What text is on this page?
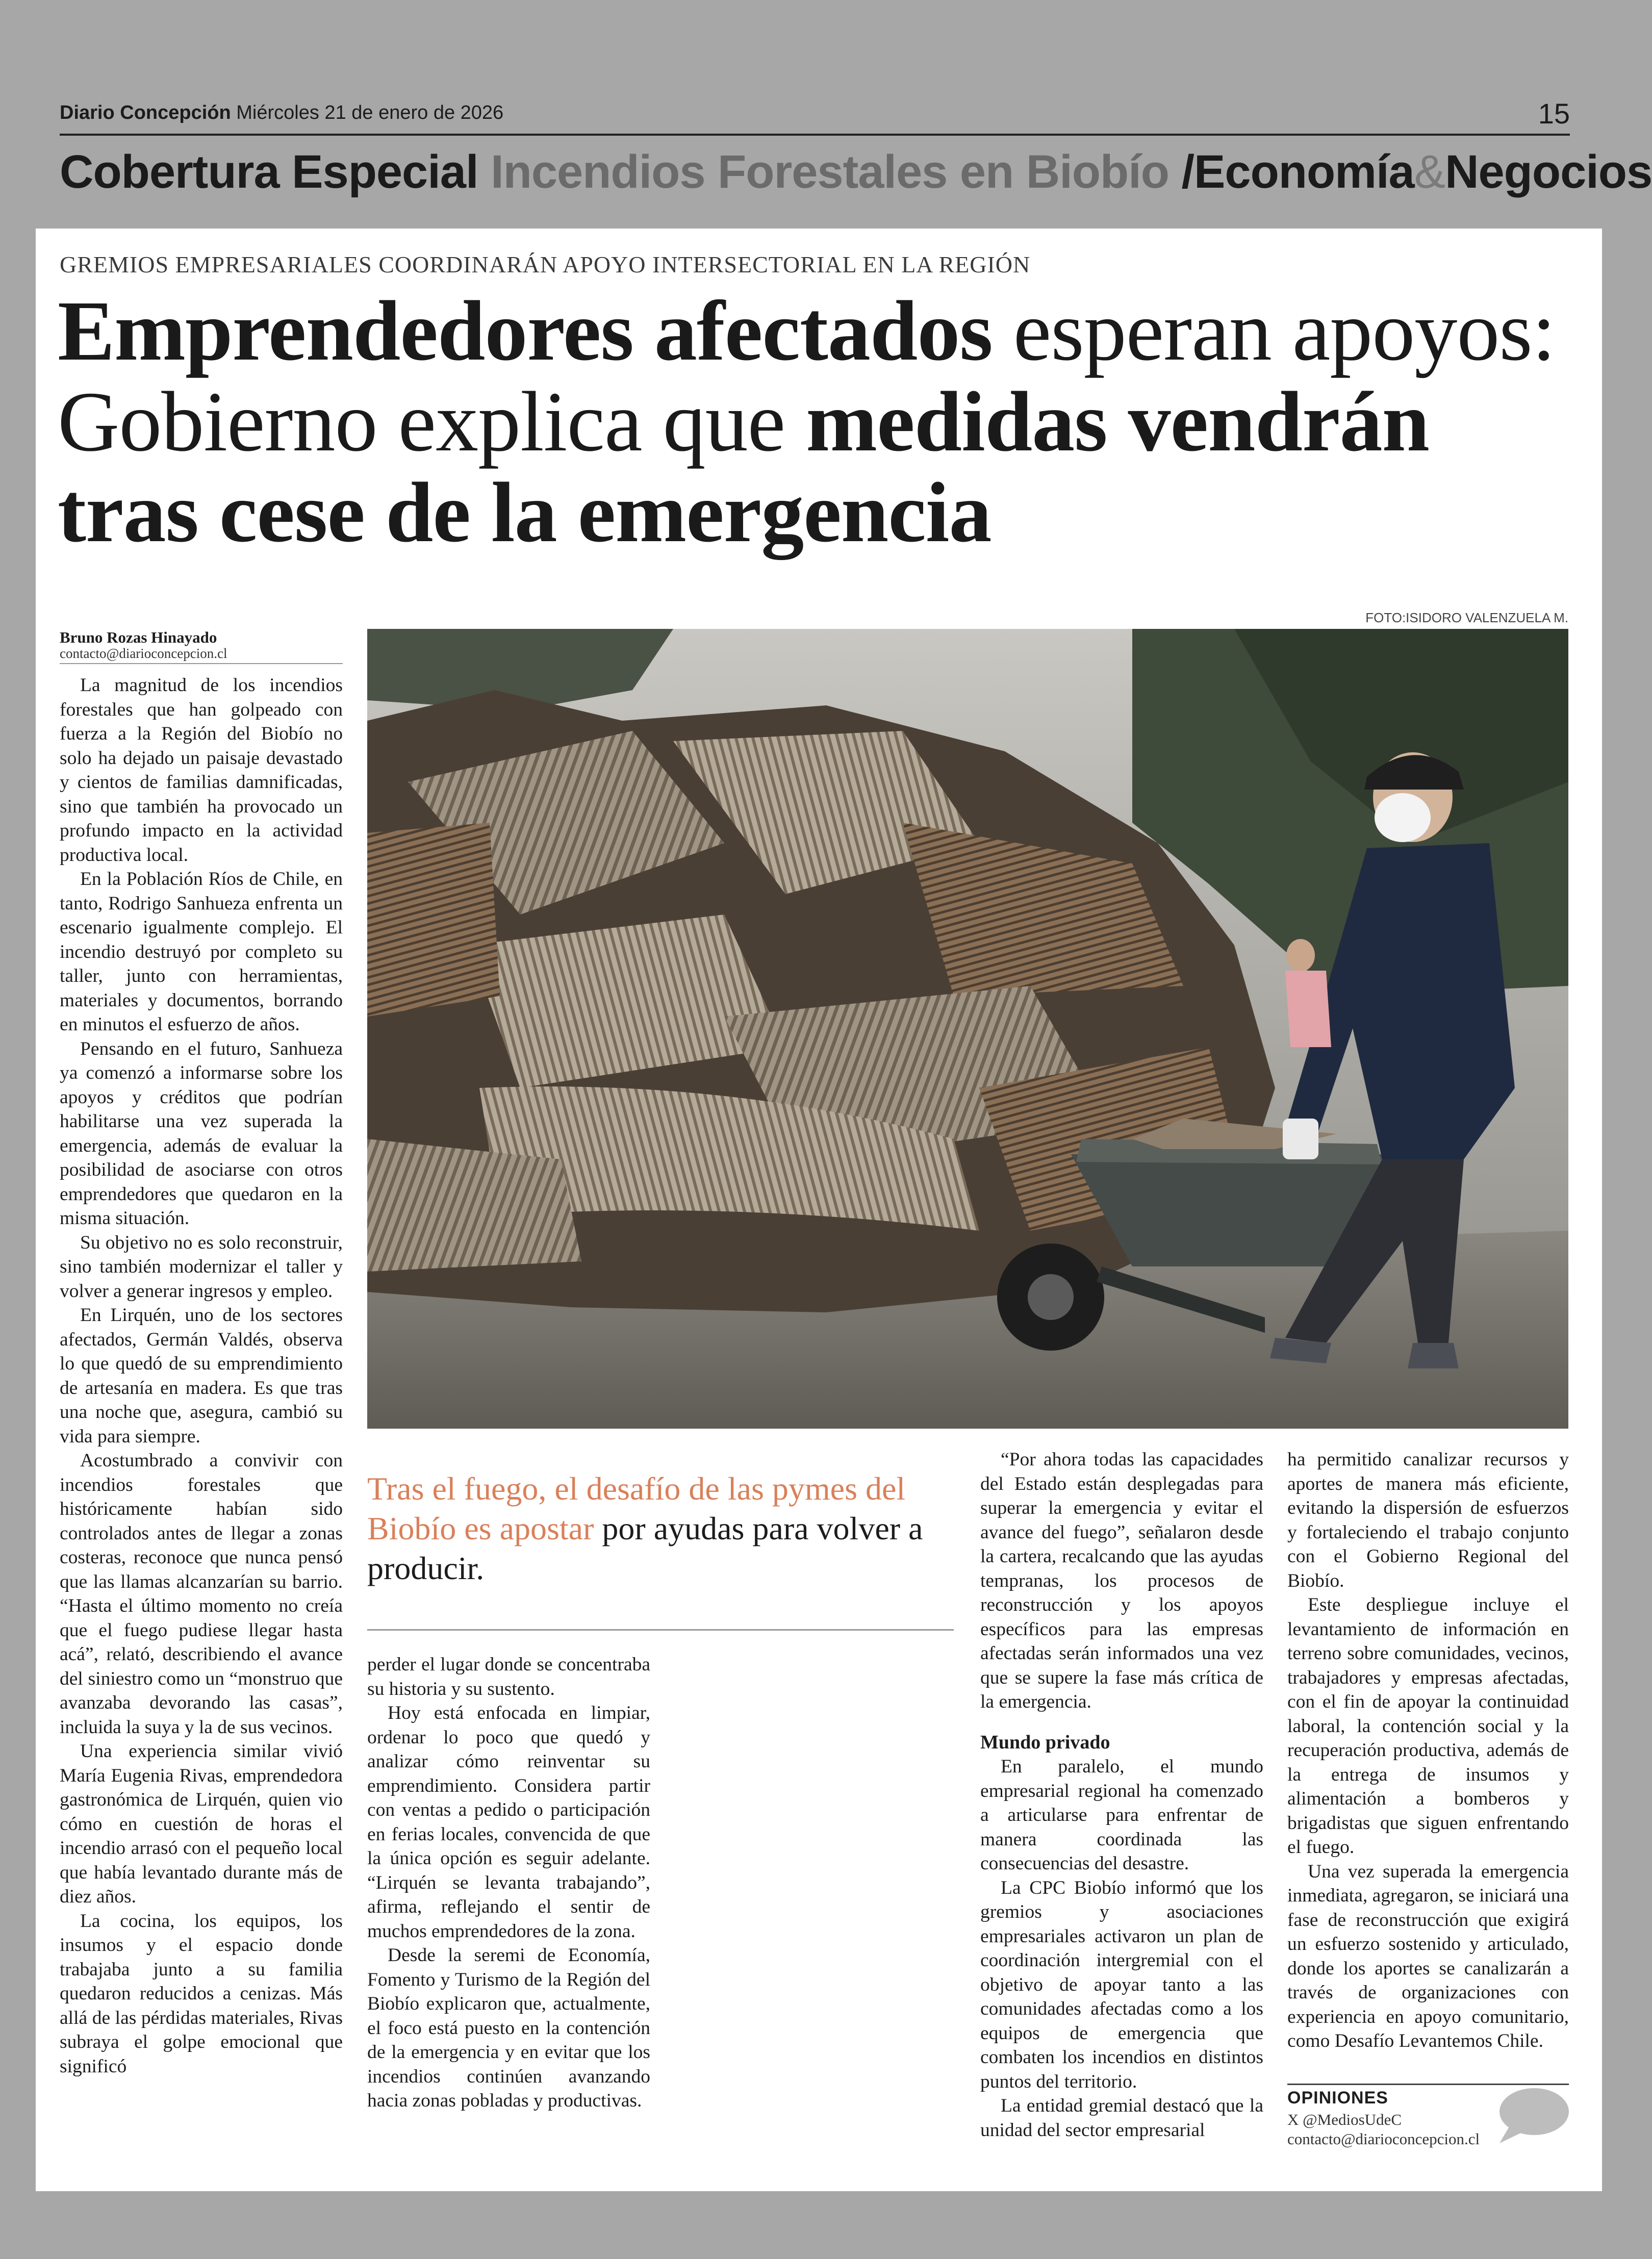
Diario Concepción Miércoles 21 de enero de 2026	15
Cobertura Especial Incendios Forestales en Biobío /Economía&Negocios
GREMIOS EMPRESARIALES COORDINARÁN APOYO INTERSECTORIAL EN LA REGIÓN
Emprendedores afectados esperan apoyos: Gobierno explica que medidas vendrán tras cese de la emergencia
FOTO:ISIDORO VALENZUELA M.
Bruno Rozas Hinayado
contacto@diarioconcepcion.cl

La magnitud de los incendios forestales que han golpeado con fuerza a la Región del Biobío no solo ha dejado un paisaje devastado y cientos de familias damnificadas, sino que también ha provocado un profundo impacto en la actividad productiva local.

En la Población Ríos de Chile, en tanto, Rodrigo Sanhueza enfrenta un escenario igualmente complejo. El incendio destruyó por completo su taller, junto con herramientas, materiales y documentos, borrando en minutos el esfuerzo de años.

Pensando en el futuro, Sanhueza ya comenzó a informarse sobre los apoyos y créditos que podrían habilitarse una vez superada la emergencia, además de evaluar la posibilidad de asociarse con otros emprendedores que quedaron en la misma situación.

Su objetivo no es solo reconstruir, sino también modernizar el taller y volver a generar ingresos y empleo.

En Lirquén, uno de los sectores afectados, Germán Valdés, observa lo que quedó de su emprendimiento de artesanía en madera. Es que tras una noche que, asegura, cambió su vida para siempre.

Acostumbrado a convivir con incendios forestales que históricamente habían sido controlados antes de llegar a zonas costeras, reconoce que nunca pensó que las llamas alcanzarían su barrio. “Hasta el último momento no creía que el fuego pudiese llegar hasta acá”, relató, describiendo el avance del siniestro como un “monstruo que avanzaba devorando las casas”, incluida la suya y la de sus vecinos.

Una experiencia similar vivió María Eugenia Rivas, emprendedora gastronómica de Lirquén, quien vio cómo en cuestión de horas el incendio arrasó con el pequeño local que había levantado durante más de diez años.

La cocina, los equipos, los insumos y el espacio donde trabajaba junto a su familia quedaron reducidos a cenizas. Más allá de las pérdidas materiales, Rivas subraya el golpe emocional que significó

Tras el fuego, el desafío de las pymes del Biobío es apostar por ayudas para volver a producir.

perder el lugar donde se concentraba su historia y su sustento.

Hoy está enfocada en limpiar, ordenar lo poco que quedó y analizar cómo reinventar su emprendimiento. Considera partir con ventas a pedido o participación en ferias locales, convencida de que la única opción es seguir adelante. “Lirquén se levanta trabajando”, afirma, reflejando el sentir de muchos emprendedores de la zona.

Desde la seremi de Economía, Fomento y Turismo de la Región del Biobío explicaron que, actualmente, el foco está puesto en la contención de la emergencia y en evitar que los incendios continúen avanzando hacia zonas pobladas y productivas.

“Por ahora todas las capacidades del Estado están desplegadas para superar la emergencia y evitar el avance del fuego”, señalaron desde la cartera, recalcando que las ayudas tempranas, los procesos de reconstrucción y los apoyos específicos para las empresas afectadas serán informados una vez que se supere la fase más crítica de la emergencia.

Mundo privado

En paralelo, el mundo empresarial regional ha comenzado a articularse para enfrentar de manera coordinada las consecuencias del desastre.

La CPC Biobío informó que los gremios y asociaciones empresariales activaron un plan de coordinación intergremial con el objetivo de apoyar tanto a las comunidades afectadas como a los equipos de emergencia que combaten los incendios en distintos puntos del territorio.

La entidad gremial destacó que la unidad del sector empresarial

ha permitido canalizar recursos y aportes de manera más eficiente, evitando la dispersión de esfuerzos y fortaleciendo el trabajo conjunto con el Gobierno Regional del Biobío.

Este despliegue incluye el levantamiento de información en terreno sobre comunidades, vecinos, trabajadores y empresas afectadas, con el fin de apoyar la continuidad laboral, la contención social y la recuperación productiva, además de la entrega de insumos y alimentación a bomberos y brigadistas que siguen enfrentando el fuego.

Una vez superada la emergencia inmediata, agregaron, se iniciará una fase de reconstrucción que exigirá un esfuerzo sostenido y articulado, donde los aportes se canalizarán a través de organizaciones con experiencia en apoyo comunitario, como Desafío Levantemos Chile.

OPINIONES
X @MediosUdeC
contacto@diarioconcepcion.cl
